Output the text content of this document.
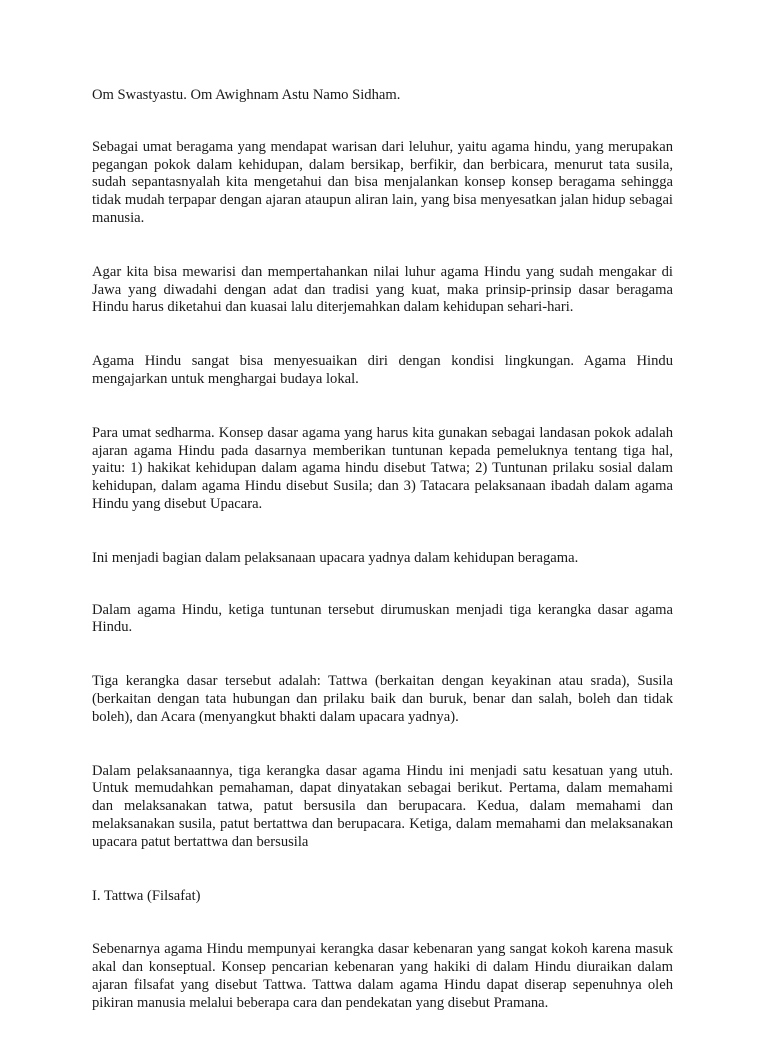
Om Swastyastu. Om Awighnam Astu Namo Sidham.

Sebagai umat beragama yang mendapat warisan dari leluhur, yaitu agama hindu, yang merupakan pegangan pokok dalam kehidupan, dalam bersikap, berfikir, dan berbicara, menurut tata susila, sudah sepantasnyalah kita mengetahui dan bisa menjalankan konsep konsep beragama sehingga tidak mudah terpapar dengan ajaran ataupun aliran lain, yang bisa menyesatkan jalan hidup sebagai manusia.

Agar kita bisa mewarisi dan mempertahankan nilai luhur agama Hindu yang sudah mengakar di Jawa yang diwadahi dengan adat dan tradisi yang kuat, maka prinsip-prinsip dasar beragama Hindu harus diketahui dan kuasai lalu diterjemahkan dalam kehidupan sehari-hari.

Agama Hindu sangat bisa menyesuaikan diri dengan kondisi lingkungan. Agama Hindu mengajarkan untuk menghargai budaya lokal.

Para umat sedharma. Konsep dasar agama yang harus kita gunakan sebagai landasan pokok adalah ajaran agama Hindu pada dasarnya memberikan tuntunan kepada pemeluknya tentang tiga hal, yaitu: 1) hakikat kehidupan dalam agama hindu disebut Tatwa; 2) Tuntunan prilaku sosial dalam kehidupan, dalam agama Hindu disebut Susila; dan 3) Tatacara pelaksanaan ibadah dalam agama Hindu yang disebut Upacara.

Ini menjadi bagian dalam pelaksanaan upacara yadnya dalam kehidupan beragama.

Dalam agama Hindu, ketiga tuntunan tersebut dirumuskan menjadi tiga kerangka dasar agama Hindu.

Tiga kerangka dasar tersebut adalah: Tattwa (berkaitan dengan keyakinan atau srada), Susila (berkaitan dengan tata hubungan dan prilaku baik dan buruk, benar dan salah, boleh dan tidak boleh), dan Acara (menyangkut bhakti dalam upacara yadnya).

Dalam pelaksanaannya, tiga kerangka dasar agama Hindu ini menjadi satu kesatuan yang utuh. Untuk memudahkan pemahaman, dapat dinyatakan sebagai berikut. Pertama, dalam memahami dan melaksanakan tatwa, patut bersusila dan berupacara. Kedua, dalam memahami dan melaksanakan susila, patut bertattwa dan berupacara. Ketiga, dalam memahami dan melaksanakan upacara patut bertattwa dan bersusila

I. Tattwa (Filsafat)

Sebenarnya agama Hindu mempunyai kerangka dasar kebenaran yang sangat kokoh karena masuk akal dan konseptual. Konsep pencarian kebenaran yang hakiki di dalam Hindu diuraikan dalam ajaran filsafat yang disebut Tattwa. Tattwa dalam agama Hindu dapat diserap sepenuhnya oleh pikiran manusia melalui beberapa cara dan pendekatan yang disebut Pramana.
